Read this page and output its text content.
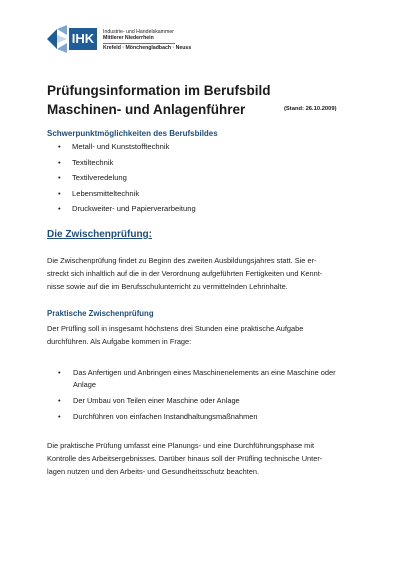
IHK	Industrie- und Handelskammer
Mittlerer Niederrhein
Krefeld · Mönchengladbach · Neuss
Prüfungsinformation im Berufsbild
Maschinen- und Anlagenführer	(Stand: 26.10.2009)
Schwerpunktmöglichkeiten des Berufsbildes
• Metall- und Kunststofftechnik
• Textiltechnik
• Textilveredelung
• Lebensmitteltechnik
• Druckweiter- und Papierverarbeitung
Die Zwischenprüfung:
Die Zwischenprüfung findet zu Beginn des zweiten Ausbildungsjahres statt. Sie er-
streckt sich inhaltlich auf die in der Verordnung aufgeführten Fertigkeiten und Kennt-
nisse sowie auf die im Berufsschulunterricht zu vermittelnden Lehrinhalte.
Praktische Zwischenprüfung
Der Prüfling soll in insgesamt höchstens drei Stunden eine praktische Aufgabe
durchführen. Als Aufgabe kommen in Frage:
• Das Anfertigen und Anbringen eines Maschinenelements an eine Maschine oder Anlage
• Der Umbau von Teilen einer Maschine oder Anlage
• Durchführen von einfachen Instandhaltungsmaßnahmen
Die praktische Prüfung umfasst eine Planungs- und eine Durchführungsphase mit
Kontrolle des Arbeitsergebnisses. Darüber hinaus soll der Prüfling technische Unter-
lagen nutzen und den Arbeits- und Gesundheitsschutz beachten.
